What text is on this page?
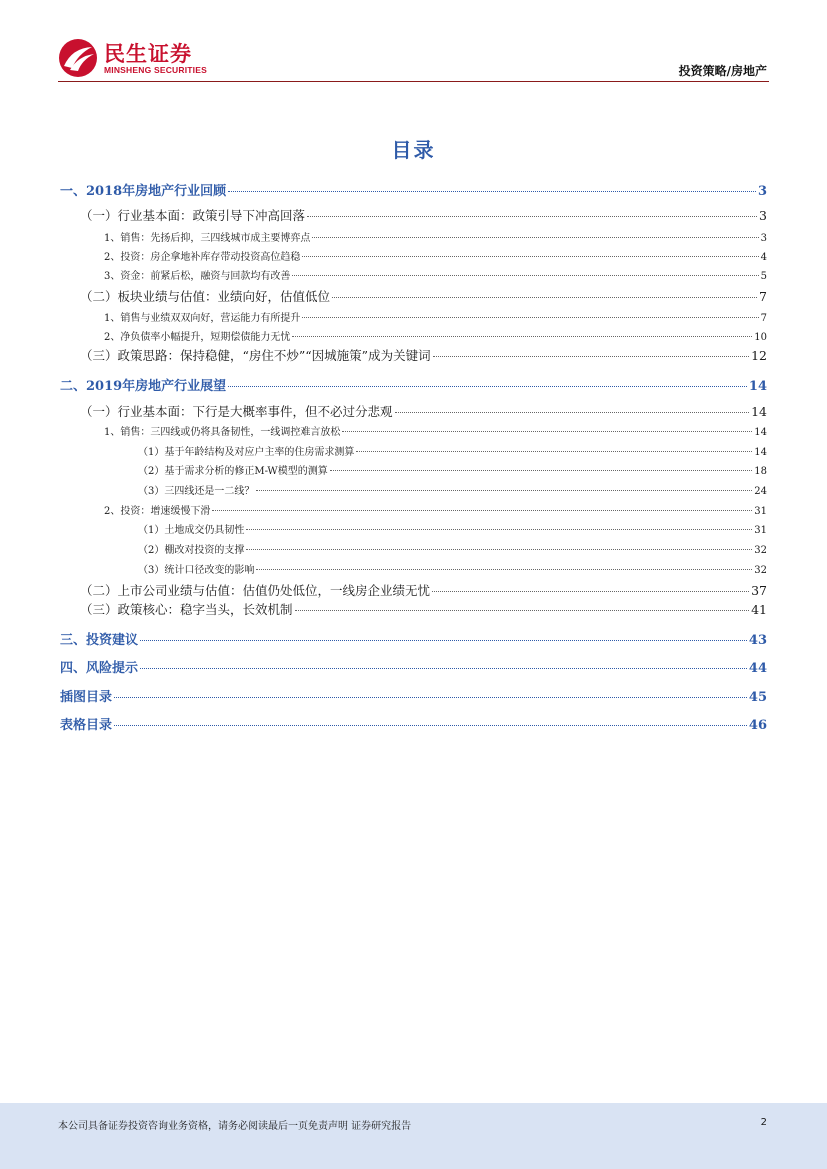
民生证券
MINSHENG SECURITIES	投资策略/房地产
目录
一、2018年房地产行业回顾	3
（一）行业基本面：政策引导下冲高回落	3
1、销售：先扬后抑，三四线城市成主要博弈点	3
2、投资：房企拿地补库存带动投资高位趋稳	4
3、资金：前紧后松，融资与回款均有改善	5
（二）板块业绩与估值：业绩向好，估值低位	7
1、销售与业绩双双向好，营运能力有所提升	7
2、净负债率小幅提升，短期偿债能力无忧	10
（三）政策思路：保持稳健，“房住不炒”“因城施策”成为关键词	12
二、2019年房地产行业展望	14
（一）行业基本面：下行是大概率事件，但不必过分悲观	14
1、销售：三四线或仍将具备韧性，一线调控难言放松	14
（1）基于年龄结构及对应户主率的住房需求测算	14
（2）基于需求分析的修正M-W模型的测算	18
（3）三四线还是一二线？	24
2、投资：增速缓慢下滑	31
（1）土地成交仍具韧性	31
（2）棚改对投资的支撑	32
（3）统计口径改变的影响	32
（二）上市公司业绩与估值：估值仍处低位，一线房企业绩无忧	37
（三）政策核心：稳字当头，长效机制	41
三、投资建议	43
四、风险提示	44
插图目录	45
表格目录	46
本公司具备证券投资咨询业务资格，请务必阅读最后一页免责声明 证券研究报告	2
